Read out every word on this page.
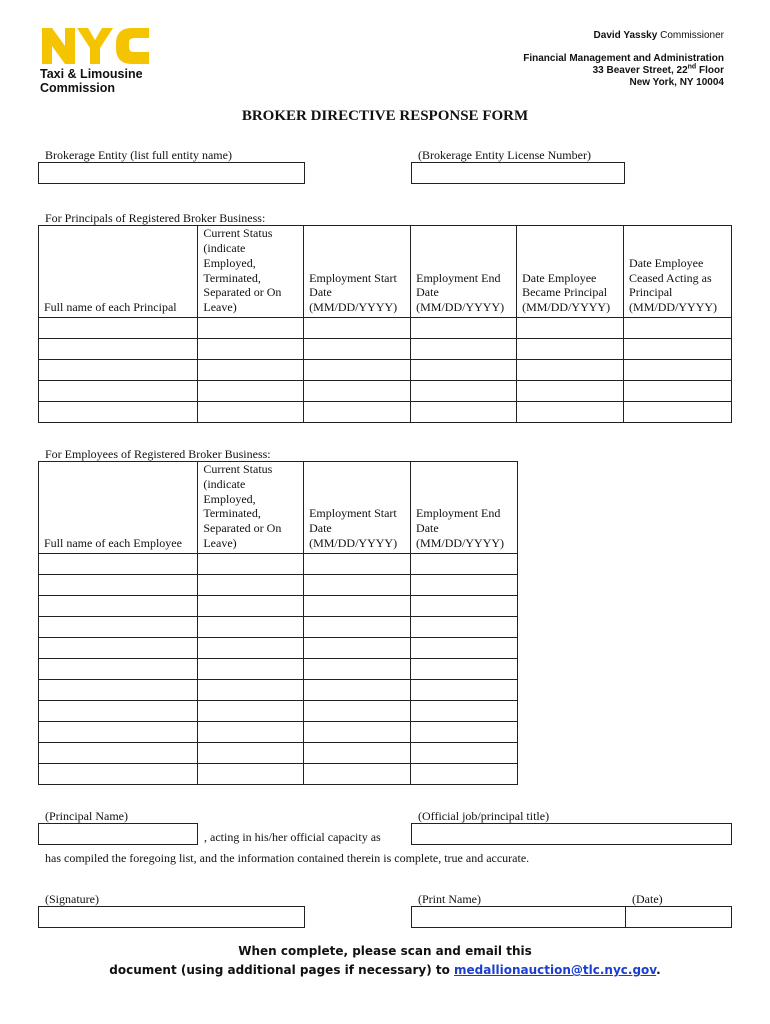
Taxi & Limousine
Commission
David Yassky Commissioner
Financial Management and Administration
33 Beaver Street, 22nd Floor
New York, NY 10004
BROKER DIRECTIVE RESPONSE FORM
Brokerage Entity (list full entity name)	(Brokerage Entity License Number)
For Principals of Registered Broker Business:
Full name of each Principal	Current Status (indicate Employed, Terminated, Separated or On Leave)	Employment Start Date (MM/DD/YYYY)	Employment End Date (MM/DD/YYYY)	Date Employee Became Principal (MM/DD/YYYY)	Date Employee Ceased Acting as Principal (MM/DD/YYYY)

For Employees of Registered Broker Business:
Full name of each Employee	Current Status (indicate Employed, Terminated, Separated or On Leave)	Employment Start Date (MM/DD/YYYY)	Employment End Date (MM/DD/YYYY)

(Principal Name)	(Official job/principal title)
, acting in his/her official capacity as
has compiled the foregoing list, and the information contained therein is complete, true and accurate.
(Signature)	(Print Name)	(Date)
When complete, please scan and email this
document (using additional pages if necessary) to medallionauction@tlc.nyc.gov.
